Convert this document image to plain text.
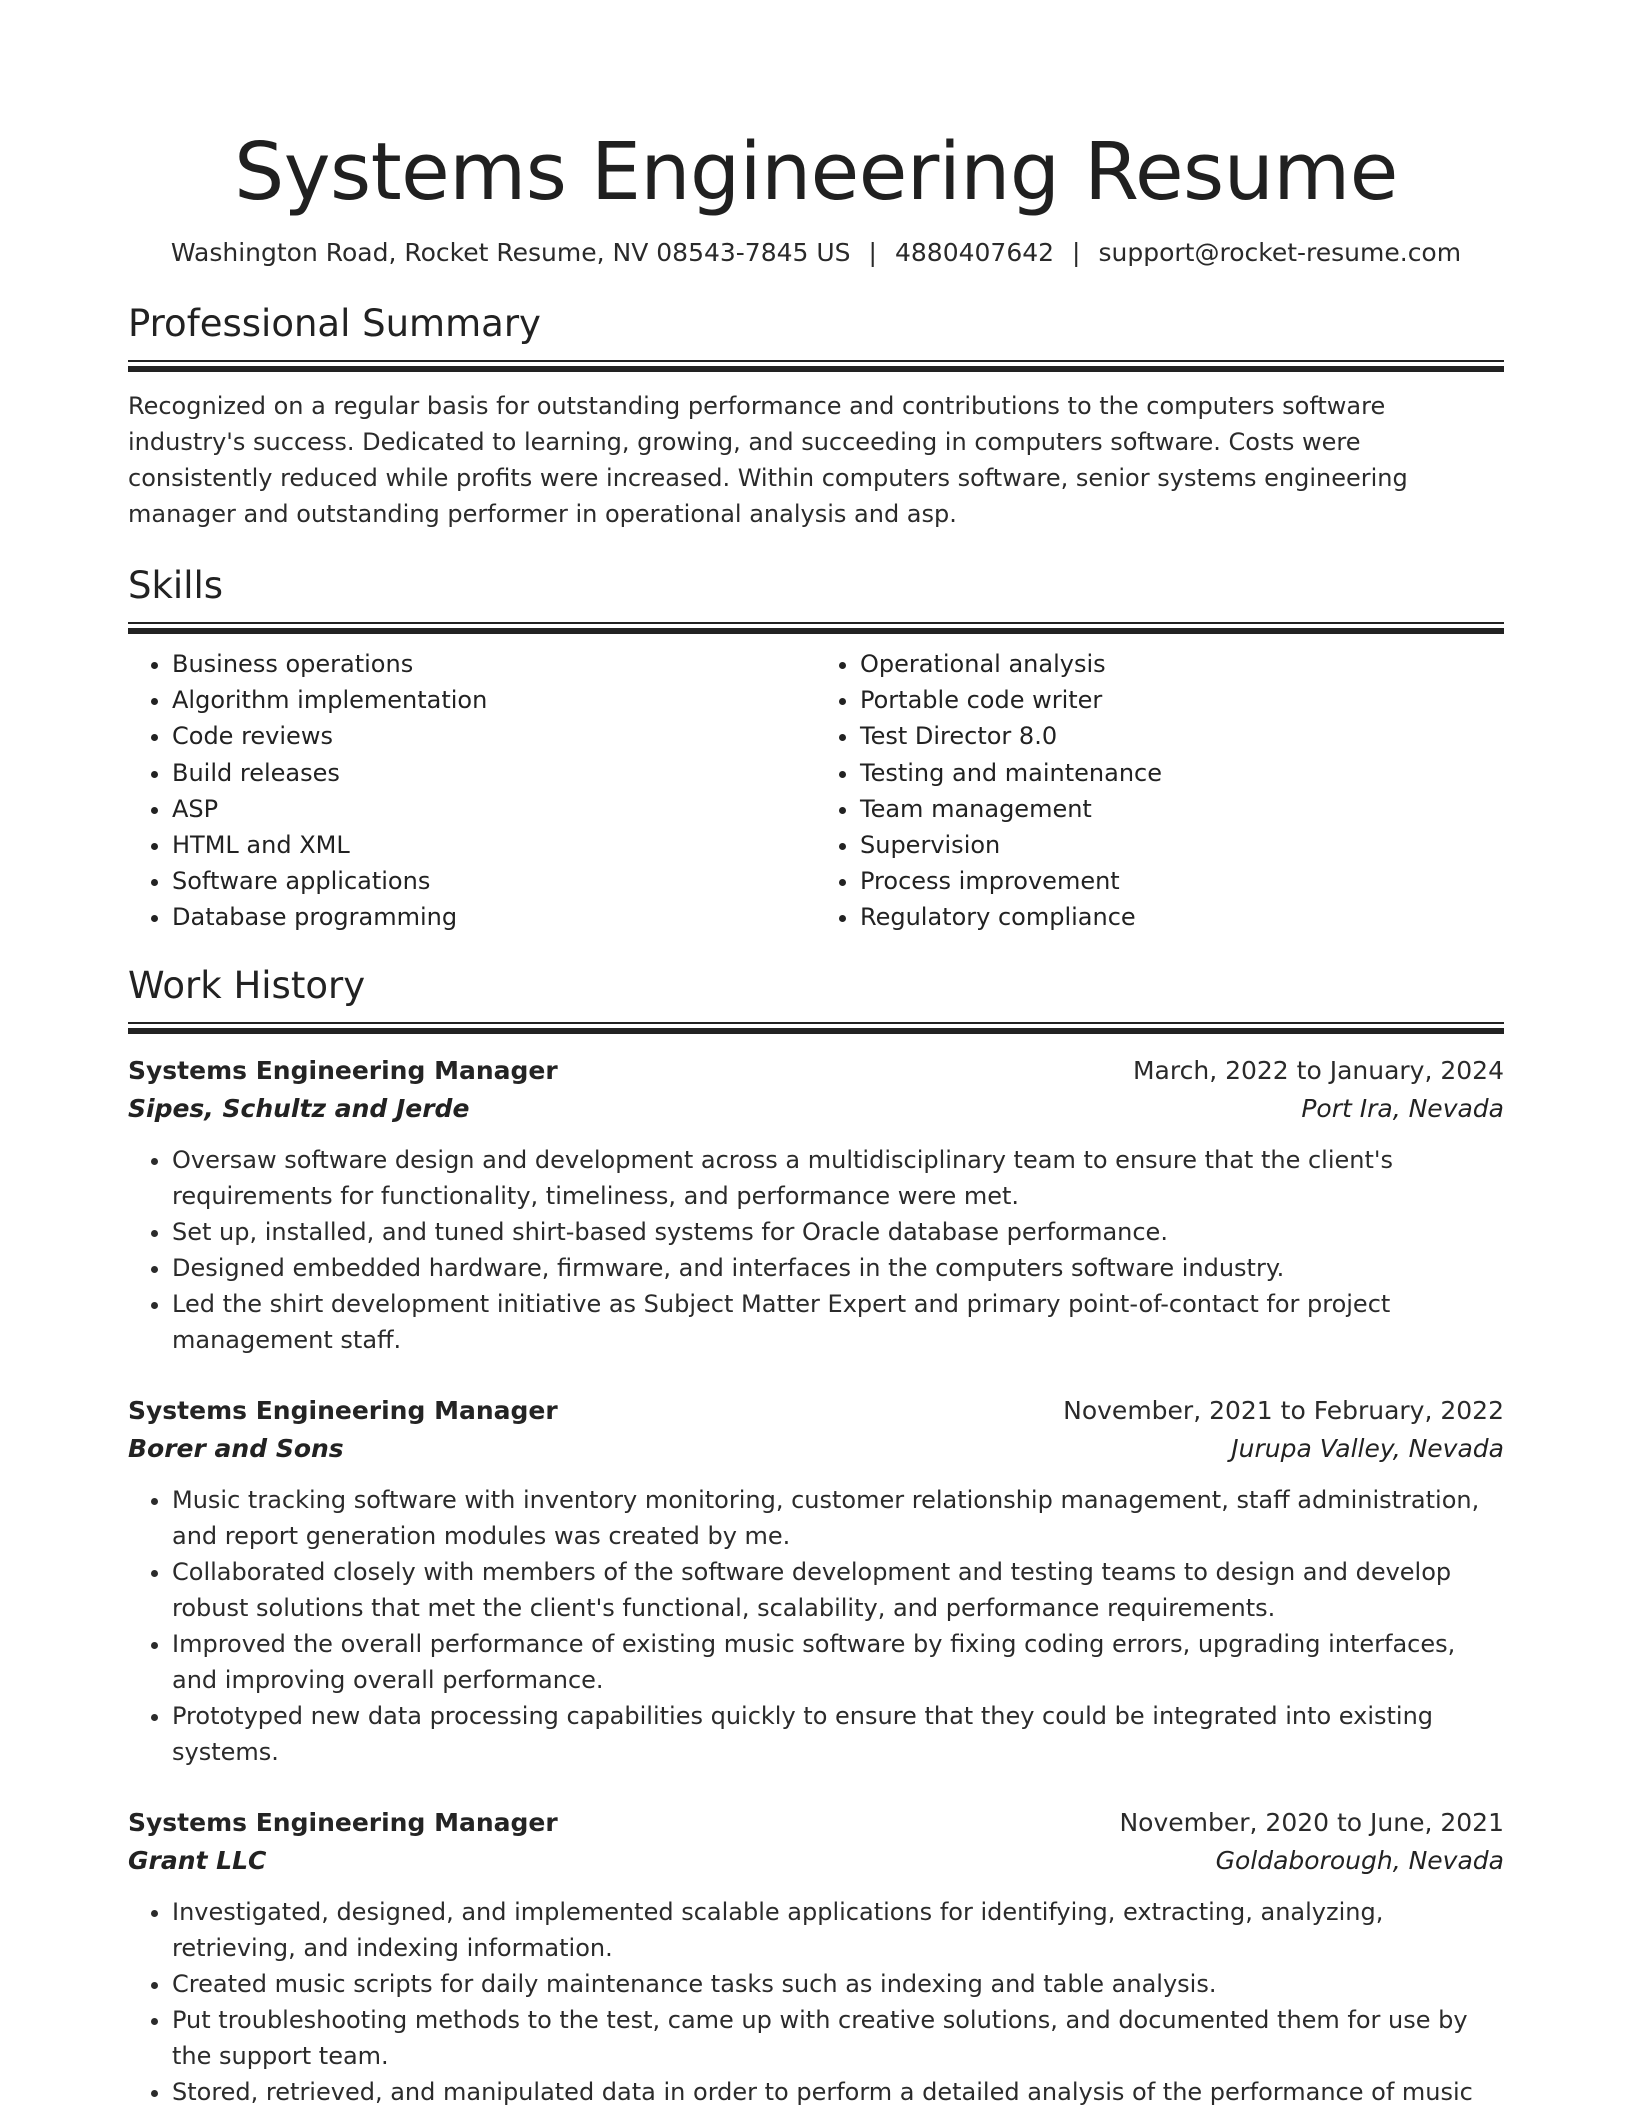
Systems Engineering Resume
Washington Road, Rocket Resume, NV 08543-7845 US | 4880407642 | support@rocket-resume.com
Professional Summary

Recognized on a regular basis for outstanding performance and contributions to the computers software industry's success. Dedicated to learning, growing, and succeeding in computers software. Costs were consistently reduced while profits were increased. Within computers software, senior systems engineering manager and outstanding performer in operational analysis and asp.

Skills
• Business operations
• Algorithm implementation
• Code reviews
• Build releases
• ASP
• HTML and XML
• Software applications
• Database programming
• Operational analysis
• Portable code writer
• Test Director 8.0
• Testing and maintenance
• Team management
• Supervision
• Process improvement
• Regulatory compliance
Work History
Systems Engineering Manager	March, 2022 to January, 2024
Sipes, Schultz and Jerde	Port Ira, Nevada
• Oversaw software design and development across a multidisciplinary team to ensure that the client's requirements for functionality, timeliness, and performance were met.
• Set up, installed, and tuned shirt-based systems for Oracle database performance.
• Designed embedded hardware, firmware, and interfaces in the computers software industry.
• Led the shirt development initiative as Subject Matter Expert and primary point-of-contact for project management staff.
Systems Engineering Manager	November, 2021 to February, 2022
Borer and Sons	Jurupa Valley, Nevada
• Music tracking software with inventory monitoring, customer relationship management, staff administration, and report generation modules was created by me.
• Collaborated closely with members of the software development and testing teams to design and develop robust solutions that met the client's functional, scalability, and performance requirements.
• Improved the overall performance of existing music software by fixing coding errors, upgrading interfaces, and improving overall performance.
• Prototyped new data processing capabilities quickly to ensure that they could be integrated into existing systems.
Systems Engineering Manager	November, 2020 to June, 2021
Grant LLC	Goldaborough, Nevada
• Investigated, designed, and implemented scalable applications for identifying, extracting, analyzing, retrieving, and indexing information.
• Created music scripts for daily maintenance tasks such as indexing and table analysis.
• Put troubleshooting methods to the test, came up with creative solutions, and documented them for use by the support team.
• Stored, retrieved, and manipulated data in order to perform a detailed analysis of the performance of music
